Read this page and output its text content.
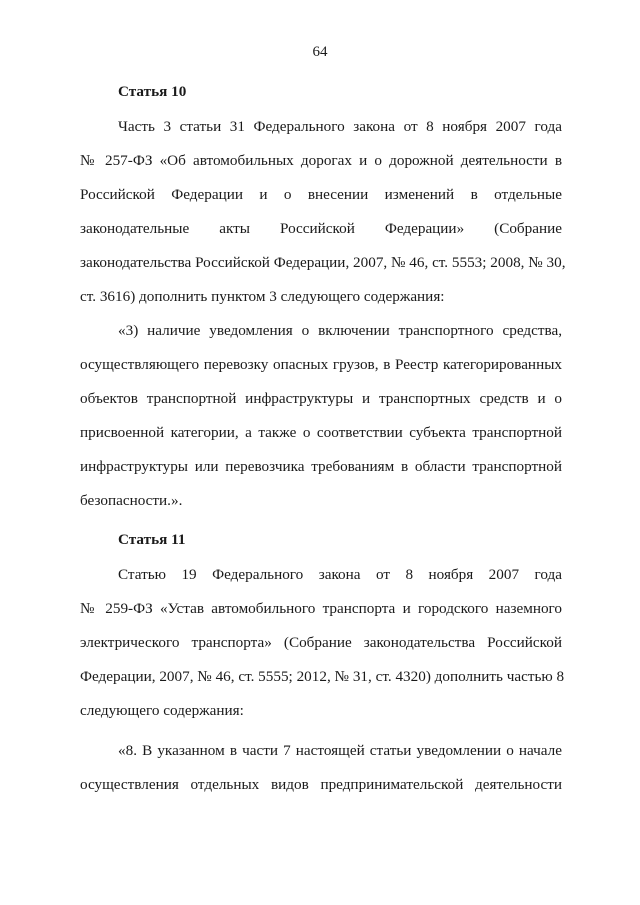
64
Статья 10
Часть 3 статьи 31 Федерального закона от 8 ноября 2007 года
№ 257-ФЗ «Об автомобильных дорогах и о дорожной деятельности в
Российской Федерации и о внесении изменений в отдельные
законодательные акты Российской Федерации» (Собрание
законодательства Российской Федерации, 2007, № 46, ст. 5553; 2008, № 30,
ст. 3616) дополнить пунктом 3 следующего содержания:
«3) наличие уведомления о включении транспортного средства,
осуществляющего перевозку опасных грузов, в Реестр категорированных
объектов транспортной инфраструктуры и транспортных средств и о
присвоенной категории, а также о соответствии субъекта транспортной
инфраструктуры или перевозчика требованиям в области транспортной
безопасности.».
Статья 11
Статью 19 Федерального закона от 8 ноября 2007 года
№ 259-ФЗ «Устав автомобильного транспорта и городского наземного
электрического транспорта» (Собрание законодательства Российской
Федерации, 2007, № 46, ст. 5555; 2012, № 31, ст. 4320) дополнить частью 8
следующего содержания:
«8. В указанном в части 7 настоящей статьи уведомлении о начале
осуществления отдельных видов предпринимательской деятельности
